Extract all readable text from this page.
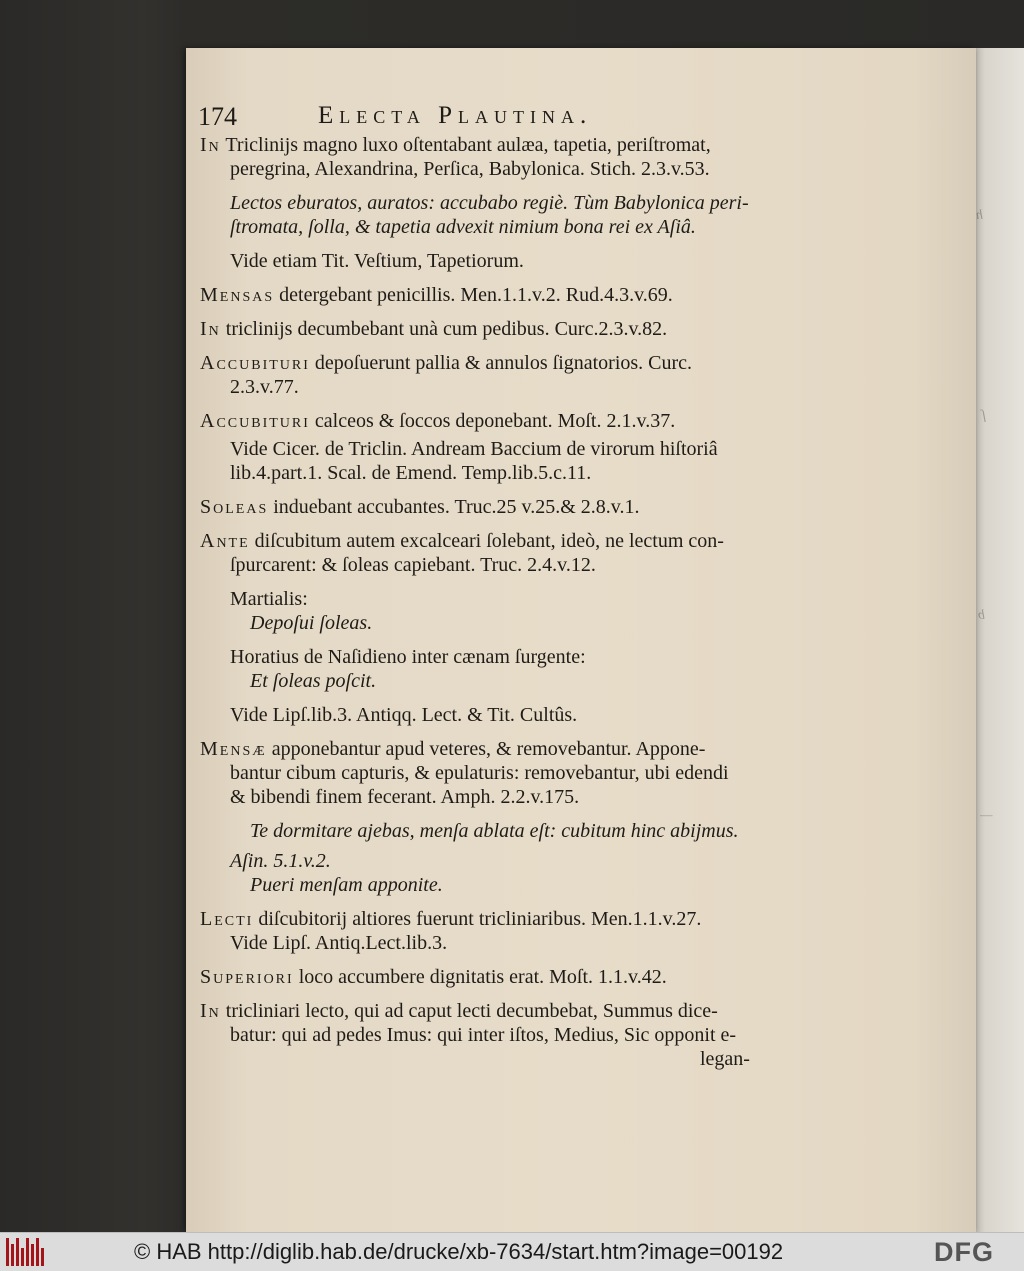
h
ſ
b
—
174	Electa Plautina.
In Triclinijs magno luxo oſtentabant aulæa, tapetia, periſtromat,
peregrina, Alexandrina, Perſica, Babylonica. Stich. 2.3.v.53.
Lectos eburatos, auratos: accubabo regiè. Tùm Babylonica peri-
ſtromata, ſolla, & tapetia advexit nimium bona rei ex Aſiâ.
Vide etiam Tit. Veſtium, Tapetiorum.
Mensas detergebant penicillis. Men.1.1.v.2. Rud.4.3.v.69.
In triclinijs decumbebant unà cum pedibus. Curc.2.3.v.82.
Accubituri depoſuerunt pallia & annulos ſignatorios. Curc.
2.3.v.77.
Accubituri calceos & ſoccos deponebant. Moſt. 2.1.v.37.
Vide Cicer. de Triclin. Andream Baccium de virorum hiſtoriâ
lib.4.part.1. Scal. de Emend. Temp.lib.5.c.11.
Soleas induebant accubantes. Truc.25 v.25.& 2.8.v.1.
Ante diſcubitum autem excalceari ſolebant, ideò, ne lectum con-
ſpurcarent: & ſoleas capiebant. Truc. 2.4.v.12.
Martialis:
Depoſui ſoleas.
Horatius de Naſidieno inter cænam ſurgente:
Et ſoleas poſcit.
Vide Lipſ.lib.3. Antiqq. Lect. & Tit. Cultûs.
Mensæ apponebantur apud veteres, & removebantur. Appone-
bantur cibum capturis, & epulaturis: removebantur, ubi edendi
& bibendi finem fecerant. Amph. 2.2.v.175.
Te dormitare ajebas, menſa ablata eſt: cubitum hinc abijmus.
Aſin. 5.1.v.2.
Pueri menſam apponite.
Lecti diſcubitorij altiores fuerunt tricliniaribus. Men.1.1.v.27.
Vide Lipſ. Antiq.Lect.lib.3.
Superiori loco accumbere dignitatis erat. Moſt. 1.1.v.42.
In tricliniari lecto, qui ad caput lecti decumbebat, Summus dice-
batur: qui ad pedes Imus: qui inter iſtos, Medius, Sic opponit e-
legan-
© HAB http://diglib.hab.de/drucke/xb-7634/start.htm?image=00192	DFG
